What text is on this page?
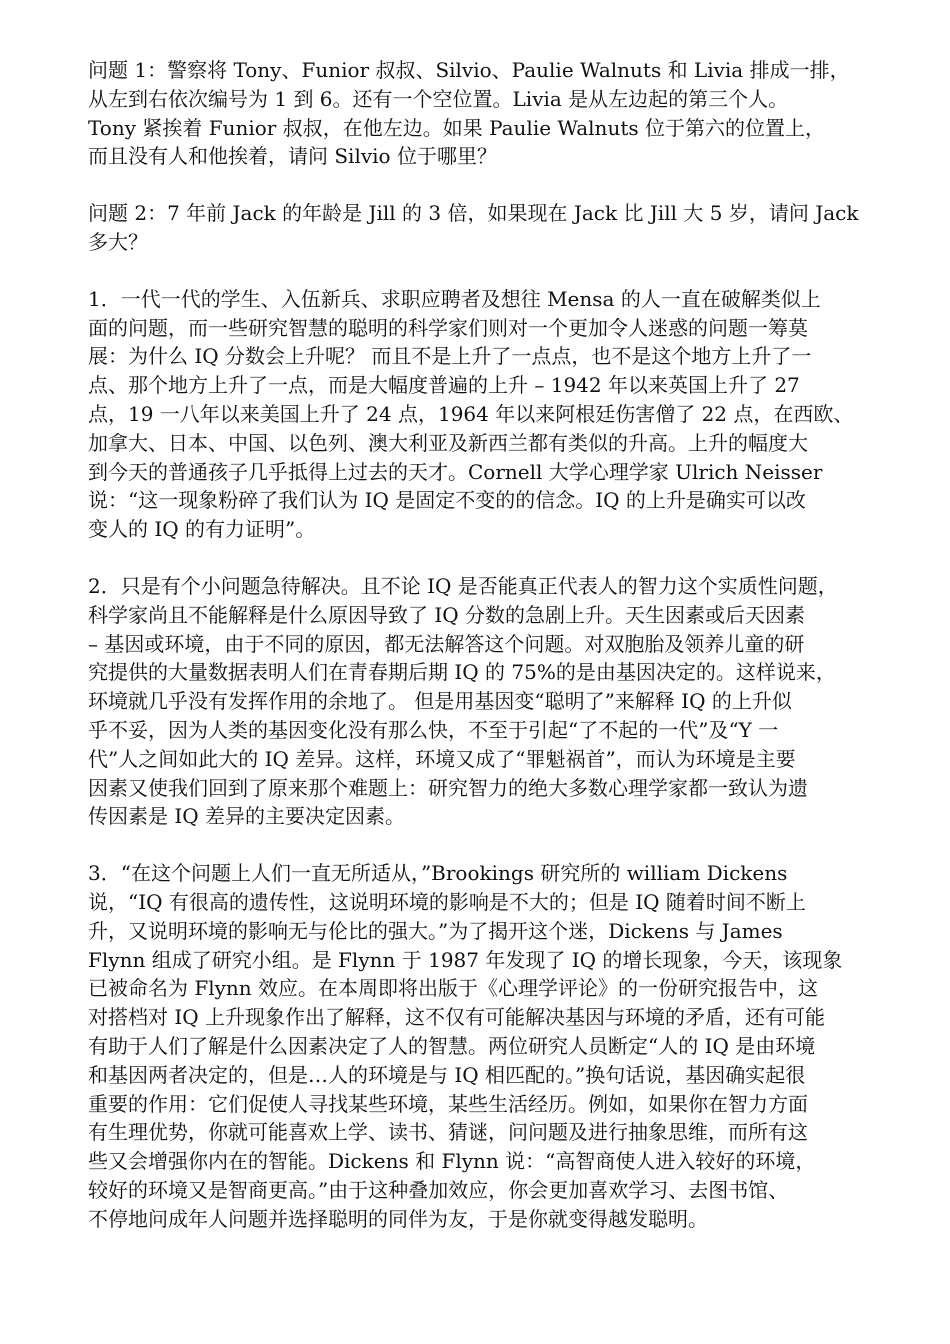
问题 1：警察将 Tony、Funior 叔叔、Silvio、Paulie Walnuts 和 Livia 排成一排，
从左到右依次编号为 1 到 6。还有一个空位置。Livia 是从左边起的第三个人。
Tony 紧挨着 Funior 叔叔，在他左边。如果 Paulie Walnuts 位于第六的位置上，
而且没有人和他挨着，请问 Silvio 位于哪里？
问题 2：7 年前 Jack 的年龄是 Jill 的 3 倍，如果现在 Jack 比 Jill 大 5 岁，请问 Jack
多大？
1．一代一代的学生、入伍新兵、求职应聘者及想往 Mensa 的人一直在破解类似上
面的问题，而一些研究智慧的聪明的科学家们则对一个更加令人迷惑的问题一筹莫
展：为什么 IQ 分数会上升呢？ 而且不是上升了一点点，也不是这个地方上升了一
点、那个地方上升了一点，而是大幅度普遍的上升 – 1942 年以来英国上升了 27
点，19 一八年以来美国上升了 24 点，1964 年以来阿根廷伤害僧了 22 点，在西欧、
加拿大、日本、中国、以色列、澳大利亚及新西兰都有类似的升高。上升的幅度大
到今天的普通孩子几乎抵得上过去的天才。Cornell 大学心理学家 Ulrich Neisser
说：“这一现象粉碎了我们认为 IQ 是固定不变的的信念。IQ 的上升是确实可以改
变人的 IQ 的有力证明”。
2．只是有个小问题急待解决。且不论 IQ 是否能真正代表人的智力这个实质性问题，
科学家尚且不能解释是什么原因导致了 IQ 分数的急剧上升。天生因素或后天因素
– 基因或环境，由于不同的原因，都无法解答这个问题。对双胞胎及领养儿童的研
究提供的大量数据表明人们在青春期后期 IQ 的 75%的是由基因决定的。这样说来，
环境就几乎没有发挥作用的余地了。 但是用基因变“聪明了”来解释 IQ 的上升似
乎不妥，因为人类的基因变化没有那么快，不至于引起“了不起的一代”及“Y 一
代”人之间如此大的 IQ 差异。这样，环境又成了“罪魁祸首”，而认为环境是主要
因素又使我们回到了原来那个难题上：研究智力的绝大多数心理学家都一致认为遗
传因素是 IQ 差异的主要决定因素。
3．“在这个问题上人们一直无所适从，”Brookings 研究所的 william Dickens
说，“IQ 有很高的遗传性，这说明环境的影响是不大的；但是 IQ 随着时间不断上
升，又说明环境的影响无与伦比的强大。”为了揭开这个迷，Dickens 与 James
Flynn 组成了研究小组。是 Flynn 于 1987 年发现了 IQ 的增长现象，今天，该现象
已被命名为 Flynn 效应。在本周即将出版于《心理学评论》的一份研究报告中，这
对搭档对 IQ 上升现象作出了解释，这不仅有可能解决基因与环境的矛盾，还有可能
有助于人们了解是什么因素决定了人的智慧。两位研究人员断定“人的 IQ 是由环境
和基因两者决定的，但是…人的环境是与 IQ 相匹配的。”换句话说，基因确实起很
重要的作用：它们促使人寻找某些环境，某些生活经历。例如，如果你在智力方面
有生理优势，你就可能喜欢上学、读书、猜谜，问问题及进行抽象思维，而所有这
些又会增强你内在的智能。Dickens 和 Flynn 说：“高智商使人进入较好的环境，
较好的环境又是智商更高。”由于这种叠加效应，你会更加喜欢学习、去图书馆、
不停地问成年人问题并选择聪明的同伴为友，于是你就变得越发聪明。
